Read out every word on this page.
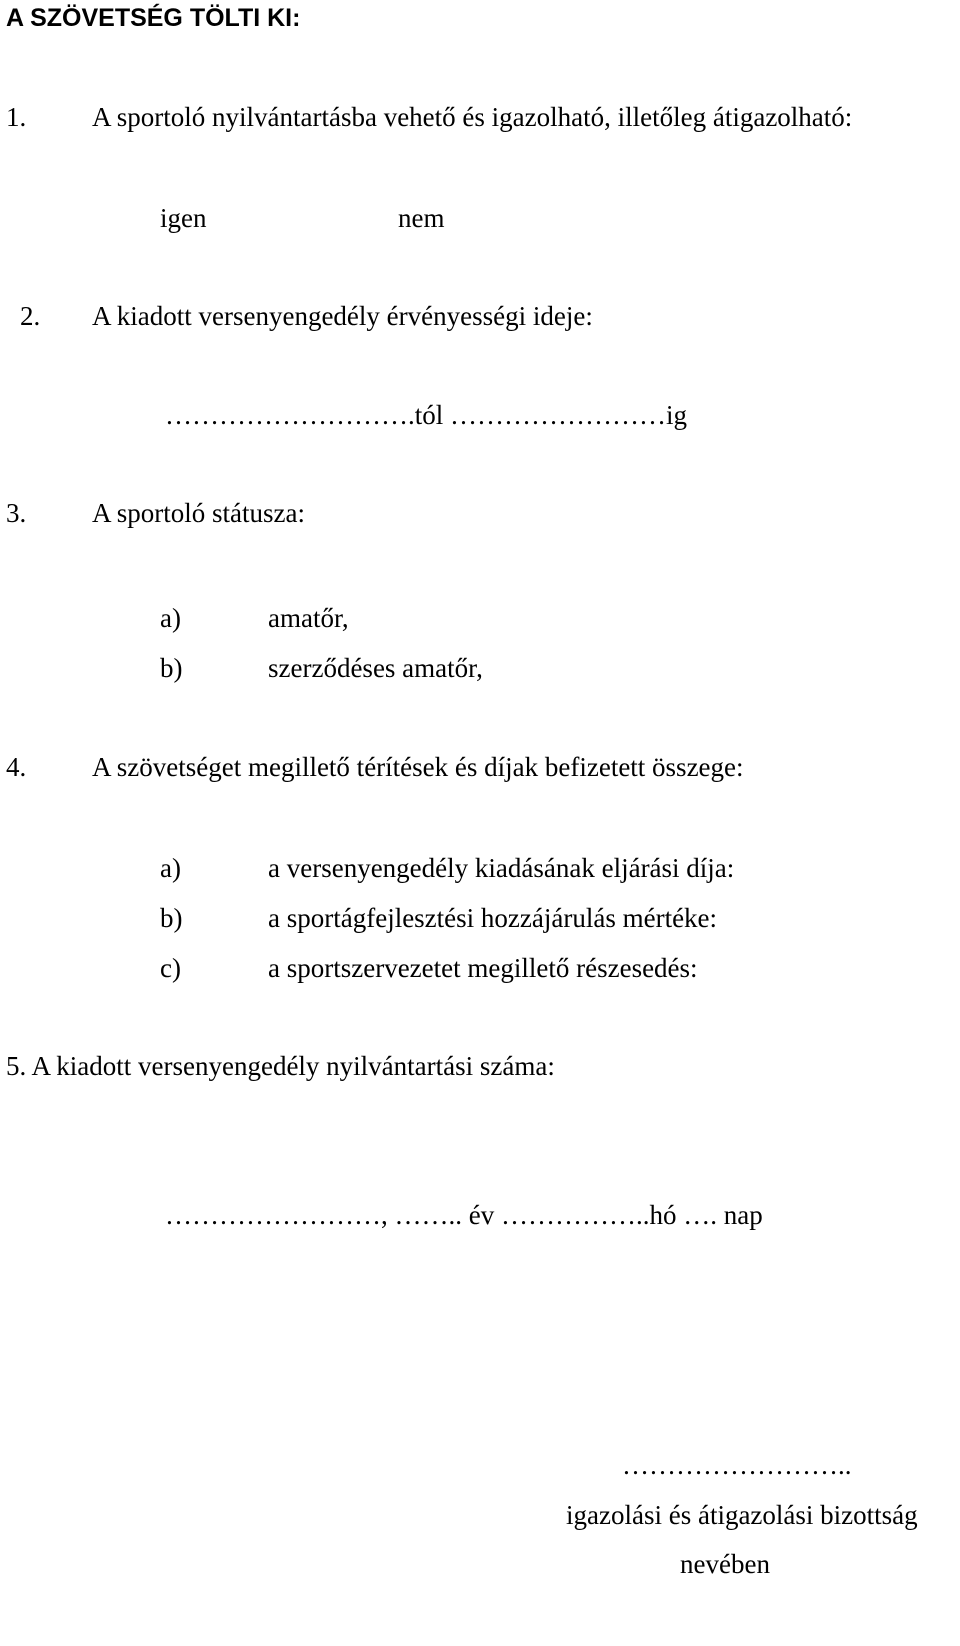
A SZÖVETSÉG TÖLTI KI:
1. A sportoló nyilvántartásba vehető és igazolható, illetőleg átigazolható:
igen	nem
2. A kiadott versenyengedély érvényességi ideje:
……………………….tól ……………………ig
3. A sportoló státusza:
a)	amatőr,
b)	szerződéses amatőr,
4. A szövetséget megillető térítések és díjak befizetett összege:
a)	a versenyengedély kiadásának eljárási díja:
b)	a sportágfejlesztési hozzájárulás mértéke:
c)	a sportszervezetet megillető részesedés:
5. A kiadott versenyengedély nyilvántartási száma:
……………………, …….. év ……………..hó …. nap
……………………..
igazolási és átigazolási bizottság
nevében
